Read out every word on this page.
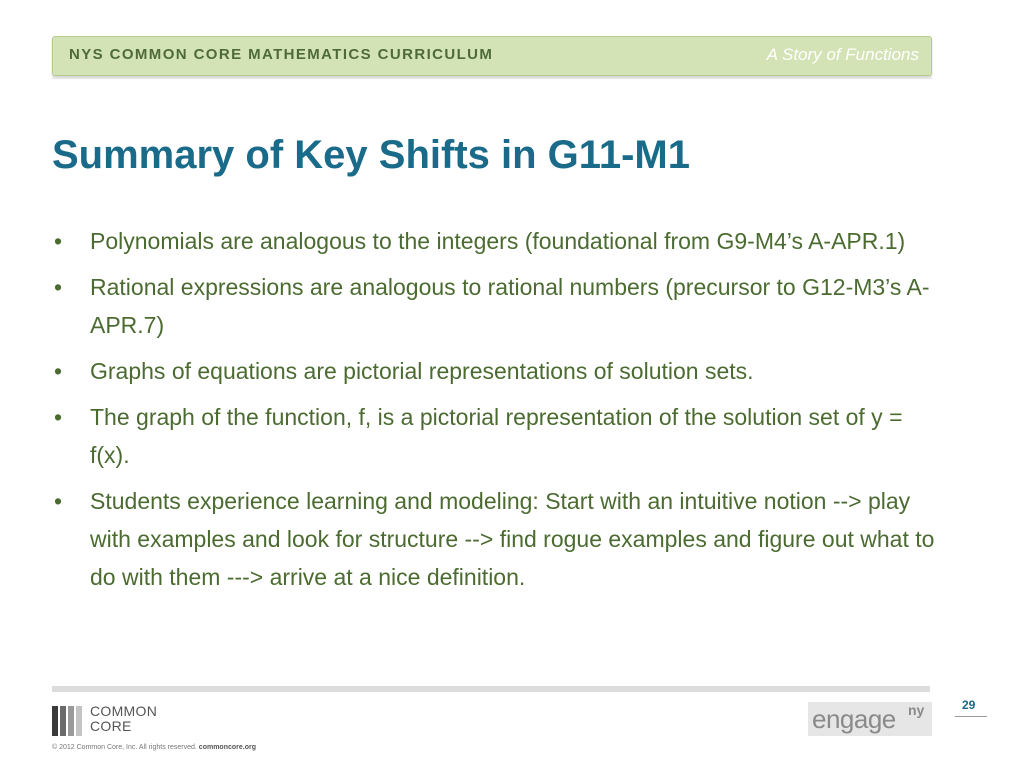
NYS COMMON CORE MATHEMATICS CURRICULUM	A Story of Functions
Summary of Key Shifts in G11-M1
• Polynomials are analogous to the integers (foundational from G9-M4’s A-APR.1)
• Rational expressions are analogous to rational numbers (precursor to G12-M3’s A-APR.7)
• Graphs of equations are pictorial representations of solution sets.
• The graph of the function, f, is a pictorial representation of the solution set of y = f(x).
• Students experience learning and modeling: Start with an intuitive notion --> play with examples and look for structure --> find rogue examples and figure out what to do with them ---> arrive at a nice definition.
COMMON
CORE
© 2012 Common Core, Inc. All rights reserved. commoncore.org
engage ny	29
